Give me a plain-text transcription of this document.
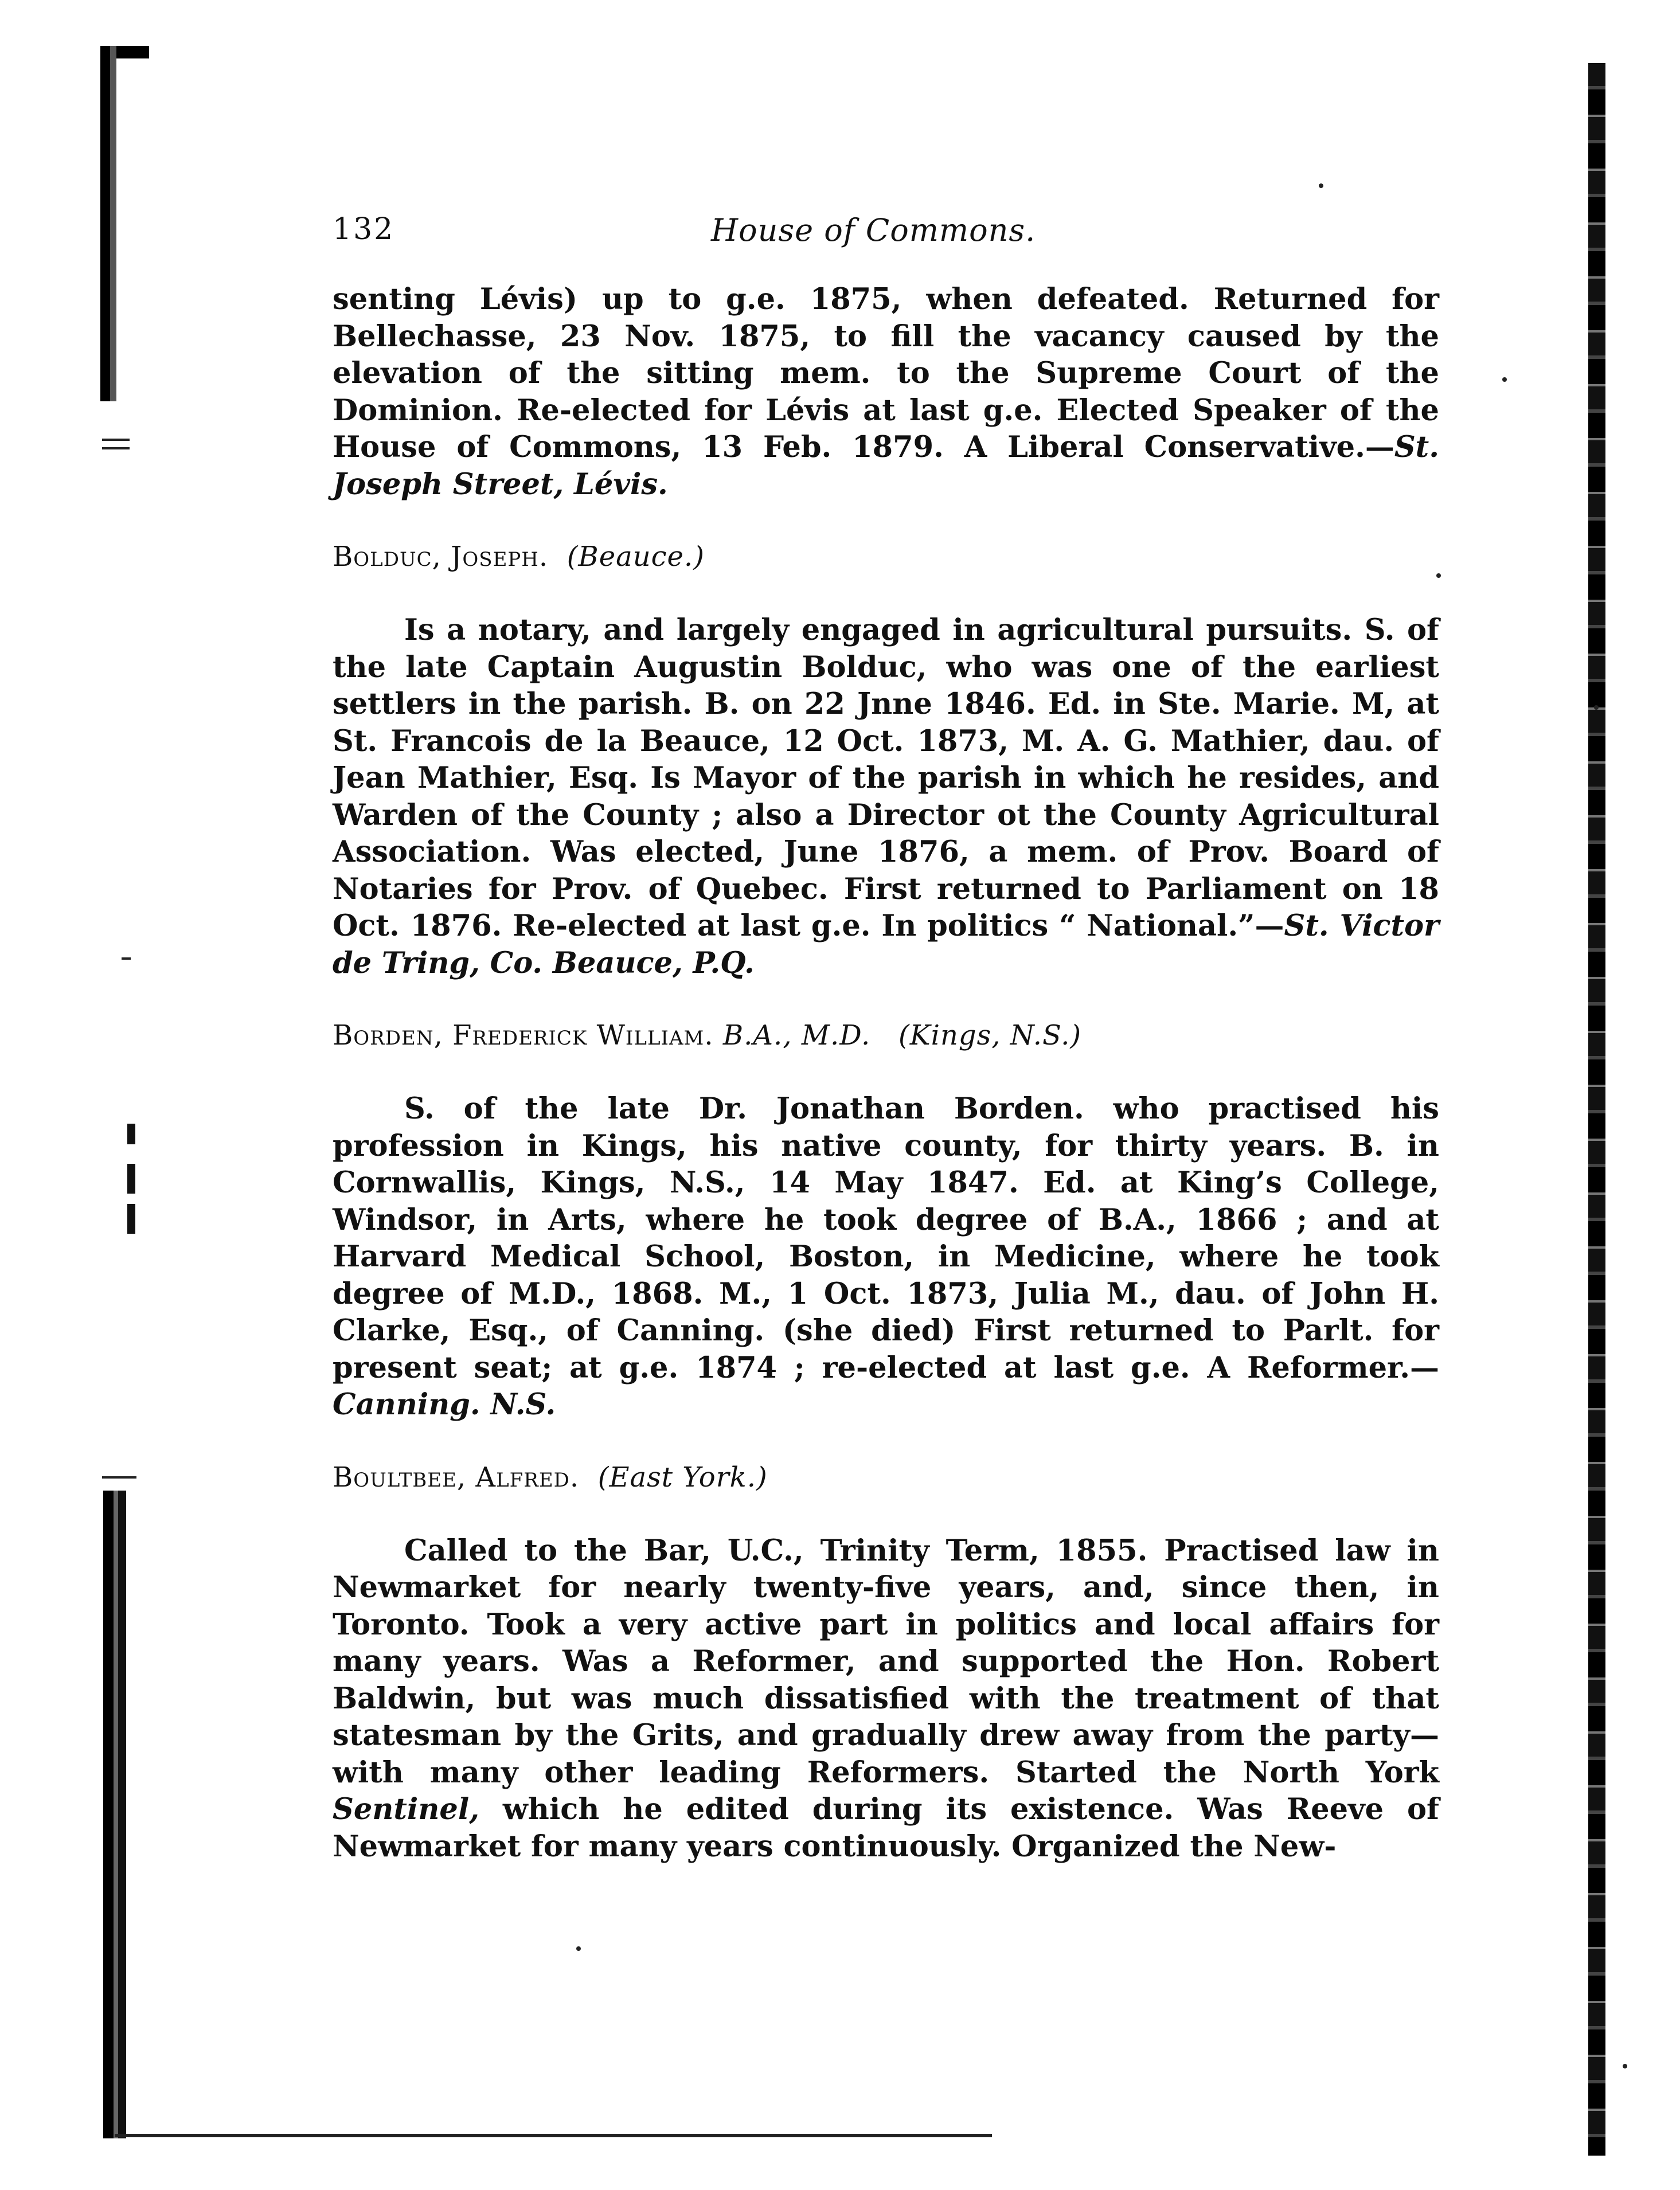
132	House of Commons.

senting Lévis) up to g.e. 1875, when defeated. Returned for Bellechasse, 23 Nov. 1875, to fill the vacancy caused by the elevation of the sitting mem. to the Supreme Court of the Dominion. Re-elected for Lévis at last g.e. Elected Speaker of the House of Commons, 13 Feb. 1879. A Liberal Conservative.—St. Joseph Street, Lévis.

Bolduc, Joseph. (Beauce.)

Is a notary, and largely engaged in agricultural pursuits. S. of the late Captain Augustin Bolduc, who was one of the earliest settlers in the parish. B. on 22 Jnne 1846. Ed. in Ste. Marie. M, at St. Francois de la Beauce, 12 Oct. 1873, M. A. G. Mathier, dau. of Jean Mathier, Esq. Is Mayor of the parish in which he resides, and Warden of the County ; also a Director ot the County Agricultural Association. Was elected, June 1876, a mem. of Prov. Board of Notaries for Prov. of Quebec. First returned to Parliament on 18 Oct. 1876. Re-elected at last g.e. In politics “ National.”—St. Victor de Tring, Co. Beauce, P.Q.

Borden, Frederick William. B.A., M.D. (Kings, N.S.)

S. of the late Dr. Jonathan Borden. who practised his profession in Kings, his native county, for thirty years. B. in Cornwallis, Kings, N.S., 14 May 1847. Ed. at King’s College, Windsor, in Arts, where he took degree of B.A., 1866 ; and at Harvard Medical School, Boston, in Medicine, where he took degree of M.D., 1868. M., 1 Oct. 1873, Julia M., dau. of John H. Clarke, Esq., of Canning. (she died) First returned to Parlt. for present seat; at g.e. 1874 ; re-elected at last g.e. A Reformer.—Canning. N.S.

Boultbee, Alfred. (East York.)

Called to the Bar, U.C., Trinity Term, 1855. Practised law in Newmarket for nearly twenty-five years, and, since then, in Toronto. Took a very active part in politics and local affairs for many years. Was a Reformer, and supported the Hon. Robert Baldwin, but was much dissatisfied with the treatment of that statesman by the Grits, and gradually drew away from the party—with many other leading Reformers. Started the North York Sentinel, which he edited during its existence. Was Reeve of Newmarket for many years continuously. Organized the New-
